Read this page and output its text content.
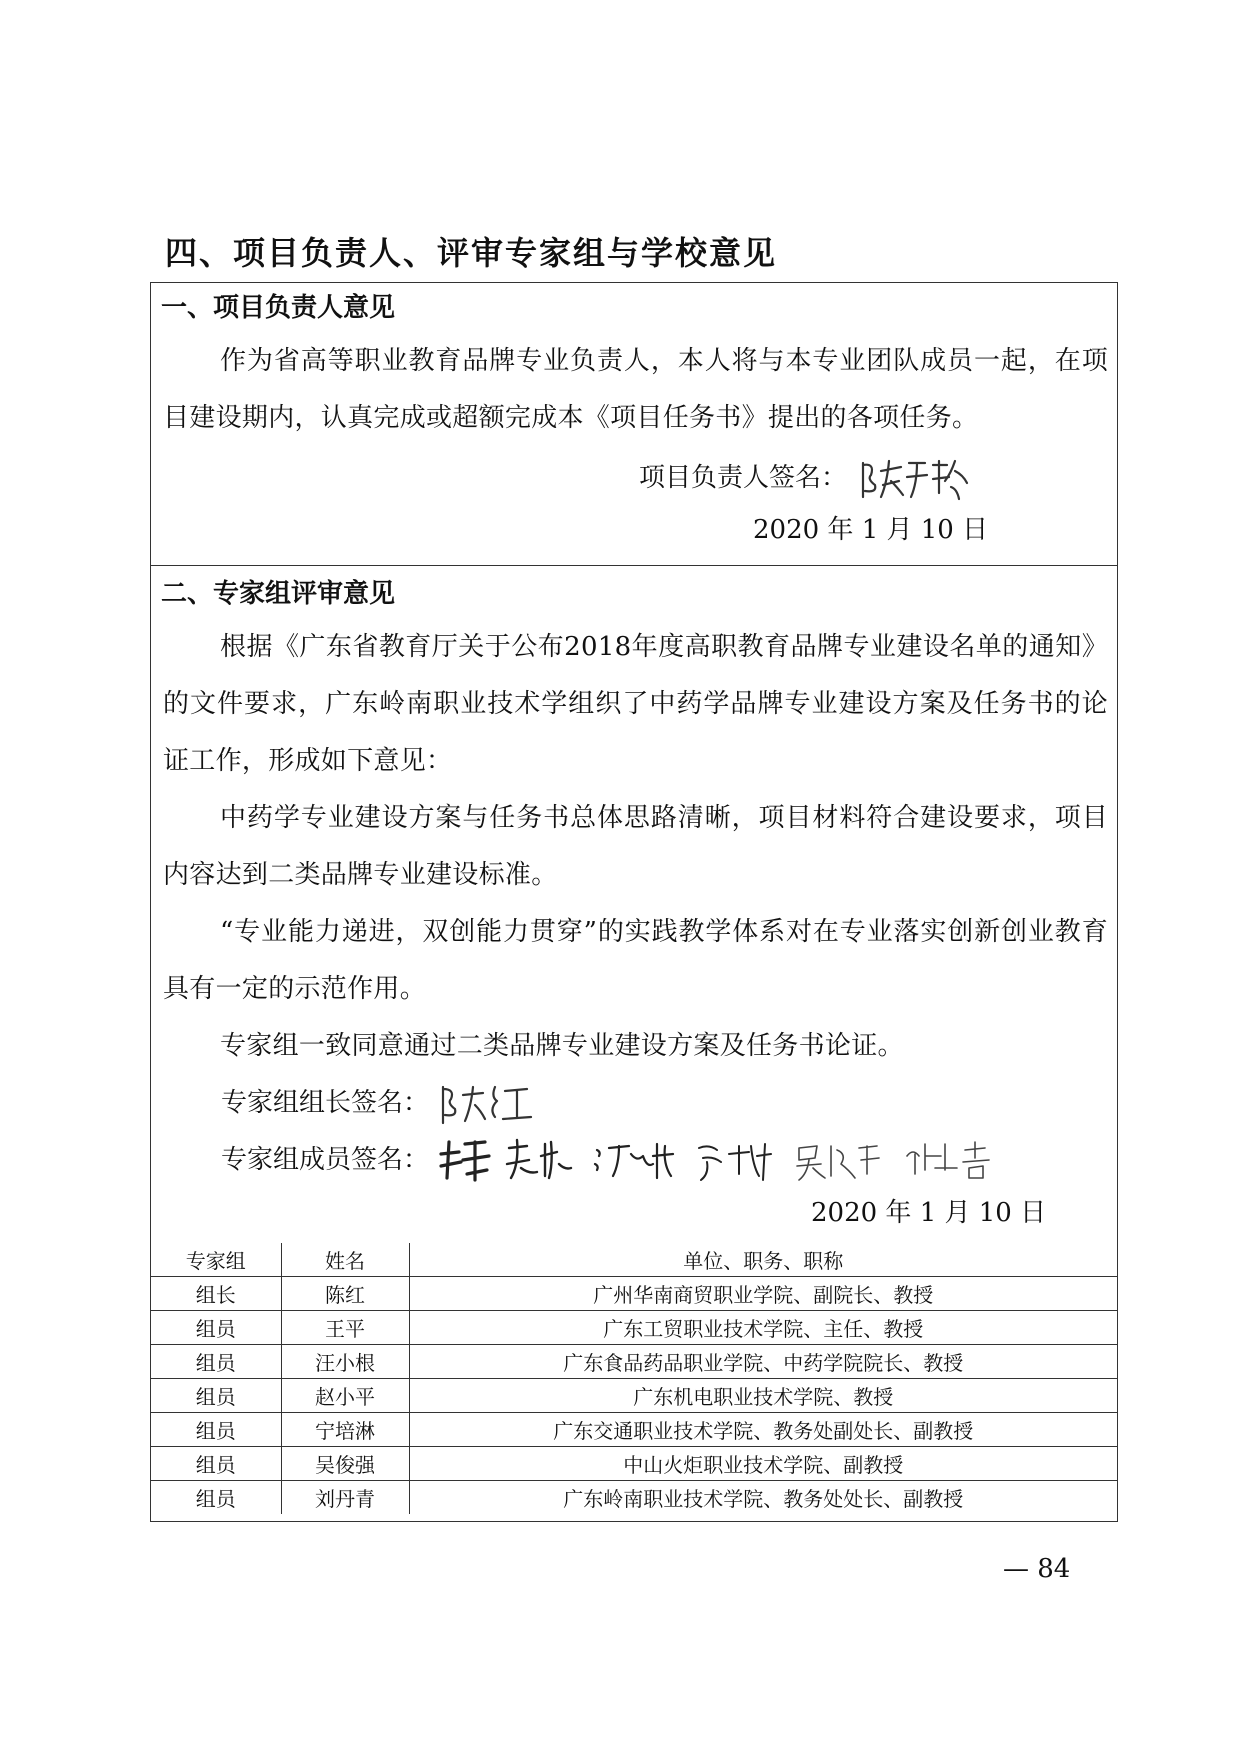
四、项目负责人、评审专家组与学校意见
一、项目负责人意见

作为省高等职业教育品牌专业负责人，本人将与本专业团队成员一起，在项目建设期内，认真完成或超额完成本《项目任务书》提出的各项任务。

项目负责人签名：
2020 年 1 月 10 日
二、专家组评审意见

根据《广东省教育厅关于公布2018年度高职教育品牌专业建设名单的通知》的文件要求，广东岭南职业技术学组织了中药学品牌专业建设方案及任务书的论证工作，形成如下意见：

中药学专业建设方案与任务书总体思路清晰，项目材料符合建设要求，项目内容达到二类品牌专业建设标准。

“专业能力递进，双创能力贯穿”的实践教学体系对在专业落实创新创业教育具有一定的示范作用。

专家组一致同意通过二类品牌专业建设方案及任务书论证。

专家组组长签名：
专家组成员签名：
2020 年 1 月 10 日
专家组	姓名	单位、职务、职称
组长	陈红	广州华南商贸职业学院、副院长、教授
组员	王平	广东工贸职业技术学院、主任、教授
组员	汪小根	广东食品药品职业学院、中药学院院长、教授
组员	赵小平	广东机电职业技术学院、教授
组员	宁培淋	广东交通职业技术学院、教务处副处长、副教授
组员	吴俊强	中山火炬职业技术学院、副教授
组员	刘丹青	广东岭南职业技术学院、教务处处长、副教授
— 84
